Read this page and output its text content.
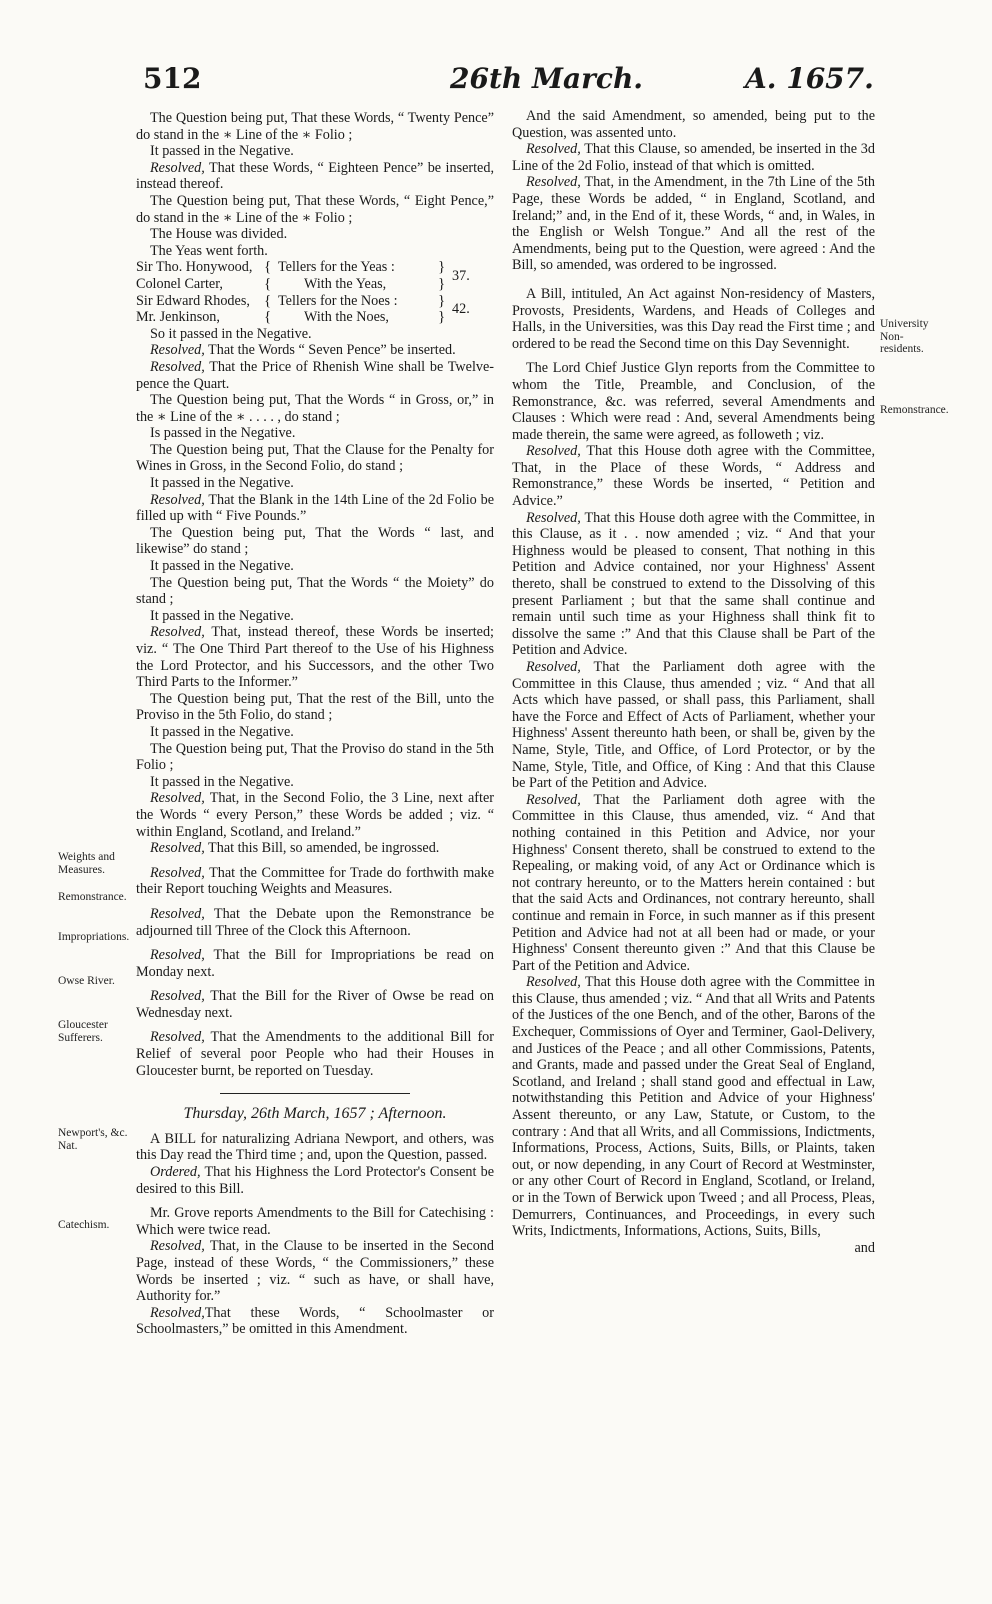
512	26th March.	A. 1657.
Weights and Measures.
Remonstrance.
Impropriations.
Owse River.
Gloucester Sufferers.
Newport's, &c. Nat.
Catechism.
University Non-residents.
Remonstrance.

The Question being put, That these Words, “ Twenty Pence” do stand in the ∗ Line of the ∗ Folio ;

It passed in the Negative.

Resolved, That these Words, “ Eighteen Pence” be inserted, instead thereof.

The Question being put, That these Words, “ Eight Pence,” do stand in the ∗ Line of the ∗ Folio ;

The House was divided.

The Yeas went forth.

Sir Tho. Honywood, { Tellers for the Yeas :	}
Colonel Carter,	{	With the Yeas,	} 37.
Sir Edward Rhodes, { Tellers for the Noes :	}
Mr. Jenkinson,	{	With the Noes,	} 42.

So it passed in the Negative.

Resolved, That the Words “ Seven Pence” be inserted.

Resolved, That the Price of Rhenish Wine shall be Twelve-pence the Quart.

The Question being put, That the Words “ in Gross, or,” in the ∗ Line of the ∗ . . . . , do stand ;

Is passed in the Negative.

The Question being put, That the Clause for the Penalty for Wines in Gross, in the Second Folio, do stand ;

It passed in the Negative.

Resolved, That the Blank in the 14th Line of the 2d Folio be filled up with “ Five Pounds.”

The Question being put, That the Words “ last, and likewise” do stand ;

It passed in the Negative.

The Question being put, That the Words “ the Moiety” do stand ;

It passed in the Negative.

Resolved, That, instead thereof, these Words be inserted; viz. “ The One Third Part thereof to the Use of his Highness the Lord Protector, and his Successors, and the other Two Third Parts to the Informer.”

The Question being put, That the rest of the Bill, unto the Proviso in the 5th Folio, do stand ;

It passed in the Negative.

The Question being put, That the Proviso do stand in the 5th Folio ;

It passed in the Negative.

Resolved, That, in the Second Folio, the 3 Line, next after the Words “ every Person,” these Words be added ; viz. “ within England, Scotland, and Ireland.”

Resolved, That this Bill, so amended, be ingrossed.

Resolved, That the Committee for Trade do forthwith make their Report touching Weights and Measures.

Resolved, That the Debate upon the Remonstrance be adjourned till Three of the Clock this Afternoon.

Resolved, That the Bill for Impropriations be read on Monday next.

Resolved, That the Bill for the River of Owse be read on Wednesday next.

Resolved, That the Amendments to the additional Bill for Relief of several poor People who had their Houses in Gloucester burnt, be reported on Tuesday.

Thursday, 26th March, 1657 ; Afternoon.

A BILL for naturalizing Adriana Newport, and others, was this Day read the Third time ; and, upon the Question, passed.

Ordered, That his Highness the Lord Protector's Consent be desired to this Bill.

Mr. Grove reports Amendments to the Bill for Catechising : Which were twice read.

Resolved, That, in the Clause to be inserted in the Second Page, instead of these Words, “ the Commissioners,” these Words be inserted ; viz. “ such as have, or shall have, Authority for.”

Resolved,That these Words, “ Schoolmaster or Schoolmasters,” be omitted in this Amendment.

And the said Amendment, so amended, being put to the Question, was assented unto.

Resolved, That this Clause, so amended, be inserted in the 3d Line of the 2d Folio, instead of that which is omitted.

Resolved, That, in the Amendment, in the 7th Line of the 5th Page, these Words be added, “ in England, Scotland, and Ireland;” and, in the End of it, these Words, “ and, in Wales, in the English or Welsh Tongue.” And all the rest of the Amendments, being put to the Question, were agreed : And the Bill, so amended, was ordered to be ingrossed.

A Bill, intituled, An Act against Non-residency of Masters, Provosts, Presidents, Wardens, and Heads of Colleges and Halls, in the Universities, was this Day read the First time ; and ordered to be read the Second time on this Day Sevennight.

The Lord Chief Justice Glyn reports from the Committee to whom the Title, Preamble, and Conclusion, of the Remonstrance, &c. was referred, several Amendments and Clauses : Which were read : And, several Amendments being made therein, the same were agreed, as followeth ; viz.

Resolved, That this House doth agree with the Committee, That, in the Place of these Words, “ Address and Remonstrance,” these Words be inserted, “ Petition and Advice.”

Resolved, That this House doth agree with the Committee, in this Clause, as it . . now amended ; viz. “ And that your Highness would be pleased to consent, That nothing in this Petition and Advice contained, nor your Highness' Assent thereto, shall be construed to extend to the Dissolving of this present Parliament ; but that the same shall continue and remain until such time as your Highness shall think fit to dissolve the same :” And that this Clause shall be Part of the Petition and Advice.

Resolved, That the Parliament doth agree with the Committee in this Clause, thus amended ; viz. “ And that all Acts which have passed, or shall pass, this Parliament, shall have the Force and Effect of Acts of Parliament, whether your Highness' Assent thereunto hath been, or shall be, given by the Name, Style, Title, and Office, of Lord Protector, or by the Name, Style, Title, and Office, of King : And that this Clause be Part of the Petition and Advice.

Resolved, That the Parliament doth agree with the Committee in this Clause, thus amended, viz. “ And that nothing contained in this Petition and Advice, nor your Highness' Consent thereto, shall be construed to extend to the Repealing, or making void, of any Act or Ordinance which is not contrary hereunto, or to the Matters herein contained : but that the said Acts and Ordinances, not contrary hereunto, shall continue and remain in Force, in such manner as if this present Petition and Advice had not at all been had or made, or your Highness' Consent thereunto given :” And that this Clause be Part of the Petition and Advice.

Resolved, That this House doth agree with the Committee in this Clause, thus amended ; viz. “ And that all Writs and Patents of the Justices of the one Bench, and of the other, Barons of the Exchequer, Commissions of Oyer and Terminer, Gaol-Delivery, and Justices of the Peace ; and all other Commissions, Patents, and Grants, made and passed under the Great Seal of England, Scotland, and Ireland ; shall stand good and effectual in Law, notwithstanding this Petition and Advice of your Highness' Assent thereunto, or any Law, Statute, or Custom, to the contrary : And that all Writs, and all Commissions, Indictments, Informations, Process, Actions, Suits, Bills, or Plaints, taken out, or now depending, in any Court of Record at Westminster, or any other Court of Record in England, Scotland, or Ireland, or in the Town of Berwick upon Tweed ; and all Process, Pleas, Demurrers, Continuances, and Proceedings, in every such Writs, Indictments, Informations, Actions, Suits, Bills,

and
